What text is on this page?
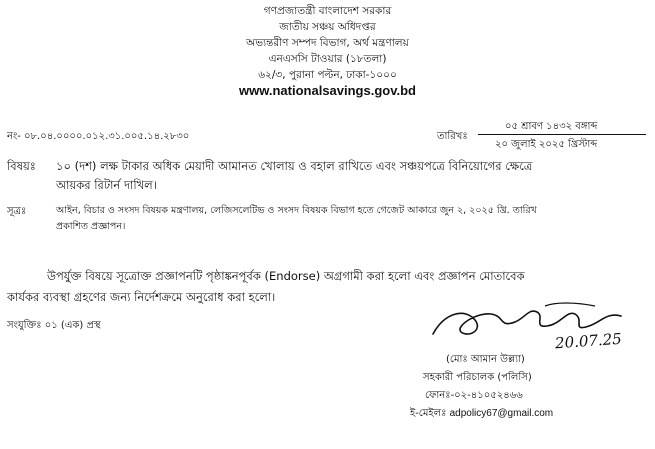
গণপ্রজাতন্ত্রী বাংলাদেশ সরকার
জাতীয় সঞ্চয় অধিদপ্তর
অভ্যন্তরীণ সম্পদ বিভাগ, অর্থ মন্ত্রণালয়
এনএসসি টাওয়ার (১৮তলা)
৬২/৩, পুরানা পল্টন, ঢাকা-১০০০
www.nationalsavings.gov.bd
নং- ০৮.০৪.০০০০.০১২.৩১.০০৫.১৪.২৮৩০	তারিখঃ
০৫ শ্রাবণ ১৪৩২ বঙ্গাব্দ
২০ জুলাই ২০২৫ খ্রিস্টাব্দ
বিষয়ঃ ১০ (দশ) লক্ষ টাকার অধিক মেয়াদী আমানত খোলায় ও বহাল রাখিতে এবং সঞ্চয়পত্রে বিনিয়োগের ক্ষেত্রে
আয়কর রিটার্ন দাখিল।
সূত্রঃ	আইন, বিচার ও সংসদ বিষয়ক মন্ত্রণালয়, লেজিসলেটিভ ও সংসদ বিষয়ক বিভাগ হতে গেজেট আকারে জুন ২, ২০২৫ খ্রি. তারিখ
প্রকাশিত প্রজ্ঞাপন।
উপর্যুক্ত বিষয়ে সূত্রোক্ত প্রজ্ঞাপনটি পৃষ্ঠাঙ্কনপূর্বক (Endorse) অগ্রগামী করা হলো এবং প্রজ্ঞাপন মোতাবেক
কার্যকর ব্যবস্থা গ্রহণের জন্য নির্দেশক্রমে অনুরোধ করা হলো।
সংযুক্তিঃ ০১ (এক) প্রস্থ
20.07.25
(মোঃ আমান উল্ল্যা)
সহকারী পরিচালক (পলিসি)
ফোনঃ-০২-৪১০৫২৪৬৬
ই-মেইলঃ adpolicy67@gmail.com
